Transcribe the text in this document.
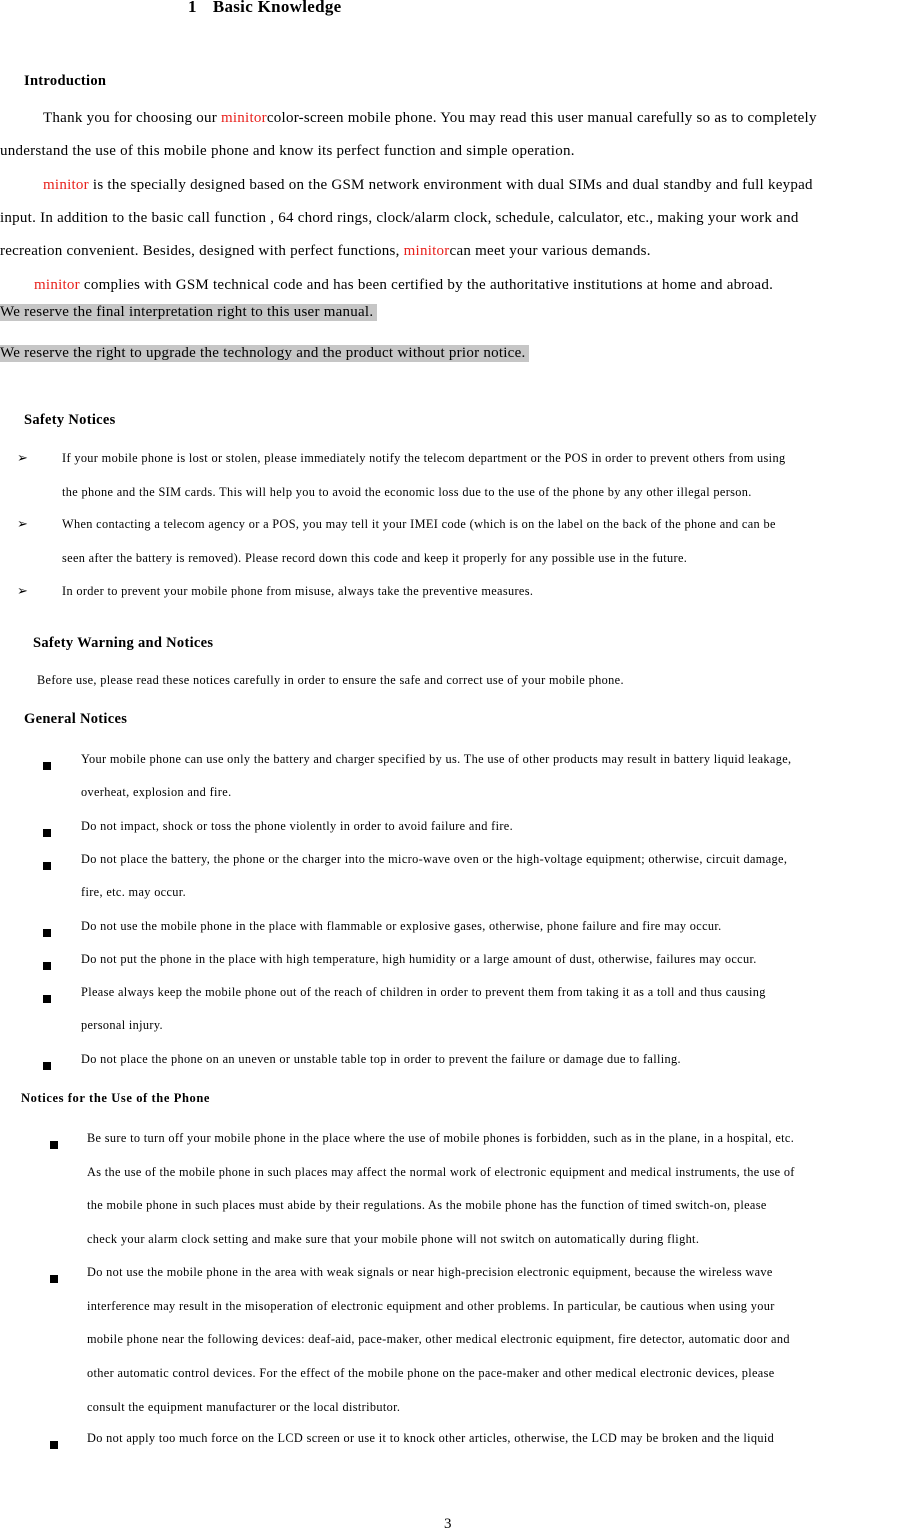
1 Basic Knowledge
Introduction
Thank you for choosing our minitorcolor-screen mobile phone. You may read this user manual carefully so as to completely
understand the use of this mobile phone and know its perfect function and simple operation.
minitor is the specially designed based on the GSM network environment with dual SIMs and dual standby and full keypad
input. In addition to the basic call function , 64 chord rings, clock/alarm clock, schedule, calculator, etc., making your work and
recreation convenient. Besides, designed with perfect functions, minitorcan meet your various demands.
minitor complies with GSM technical code and has been certified by the authoritative institutions at home and abroad.
We reserve the final interpretation right to this user manual.
We reserve the right to upgrade the technology and the product without prior notice.
Safety Notices
➢	If your mobile phone is lost or stolen, please immediately notify the telecom department or the POS in order to prevent others from using
the phone and the SIM cards. This will help you to avoid the economic loss due to the use of the phone by any other illegal person.
➢	When contacting a telecom agency or a POS, you may tell it your IMEI code (which is on the label on the back of the phone and can be
seen after the battery is removed). Please record down this code and keep it properly for any possible use in the future.
➢	In order to prevent your mobile phone from misuse, always take the preventive measures.
Safety Warning and Notices
Before use, please read these notices carefully in order to ensure the safe and correct use of your mobile phone.
General Notices
Your mobile phone can use only the battery and charger specified by us. The use of other products may result in battery liquid leakage,
overheat, explosion and fire.
Do not impact, shock or toss the phone violently in order to avoid failure and fire.
Do not place the battery, the phone or the charger into the micro-wave oven or the high-voltage equipment; otherwise, circuit damage,
fire, etc. may occur.
Do not use the mobile phone in the place with flammable or explosive gases, otherwise, phone failure and fire may occur.
Do not put the phone in the place with high temperature, high humidity or a large amount of dust, otherwise, failures may occur.
Please always keep the mobile phone out of the reach of children in order to prevent them from taking it as a toll and thus causing
personal injury.
Do not place the phone on an uneven or unstable table top in order to prevent the failure or damage due to falling.
Notices for the Use of the Phone
Be sure to turn off your mobile phone in the place where the use of mobile phones is forbidden, such as in the plane, in a hospital, etc.
As the use of the mobile phone in such places may affect the normal work of electronic equipment and medical instruments, the use of
the mobile phone in such places must abide by their regulations. As the mobile phone has the function of timed switch-on, please
check your alarm clock setting and make sure that your mobile phone will not switch on automatically during flight.
Do not use the mobile phone in the area with weak signals or near high-precision electronic equipment, because the wireless wave
interference may result in the misoperation of electronic equipment and other problems. In particular, be cautious when using your
mobile phone near the following devices: deaf-aid, pace-maker, other medical electronic equipment, fire detector, automatic door and
other automatic control devices. For the effect of the mobile phone on the pace-maker and other medical electronic devices, please
consult the equipment manufacturer or the local distributor.
Do not apply too much force on the LCD screen or use it to knock other articles, otherwise, the LCD may be broken and the liquid
3
